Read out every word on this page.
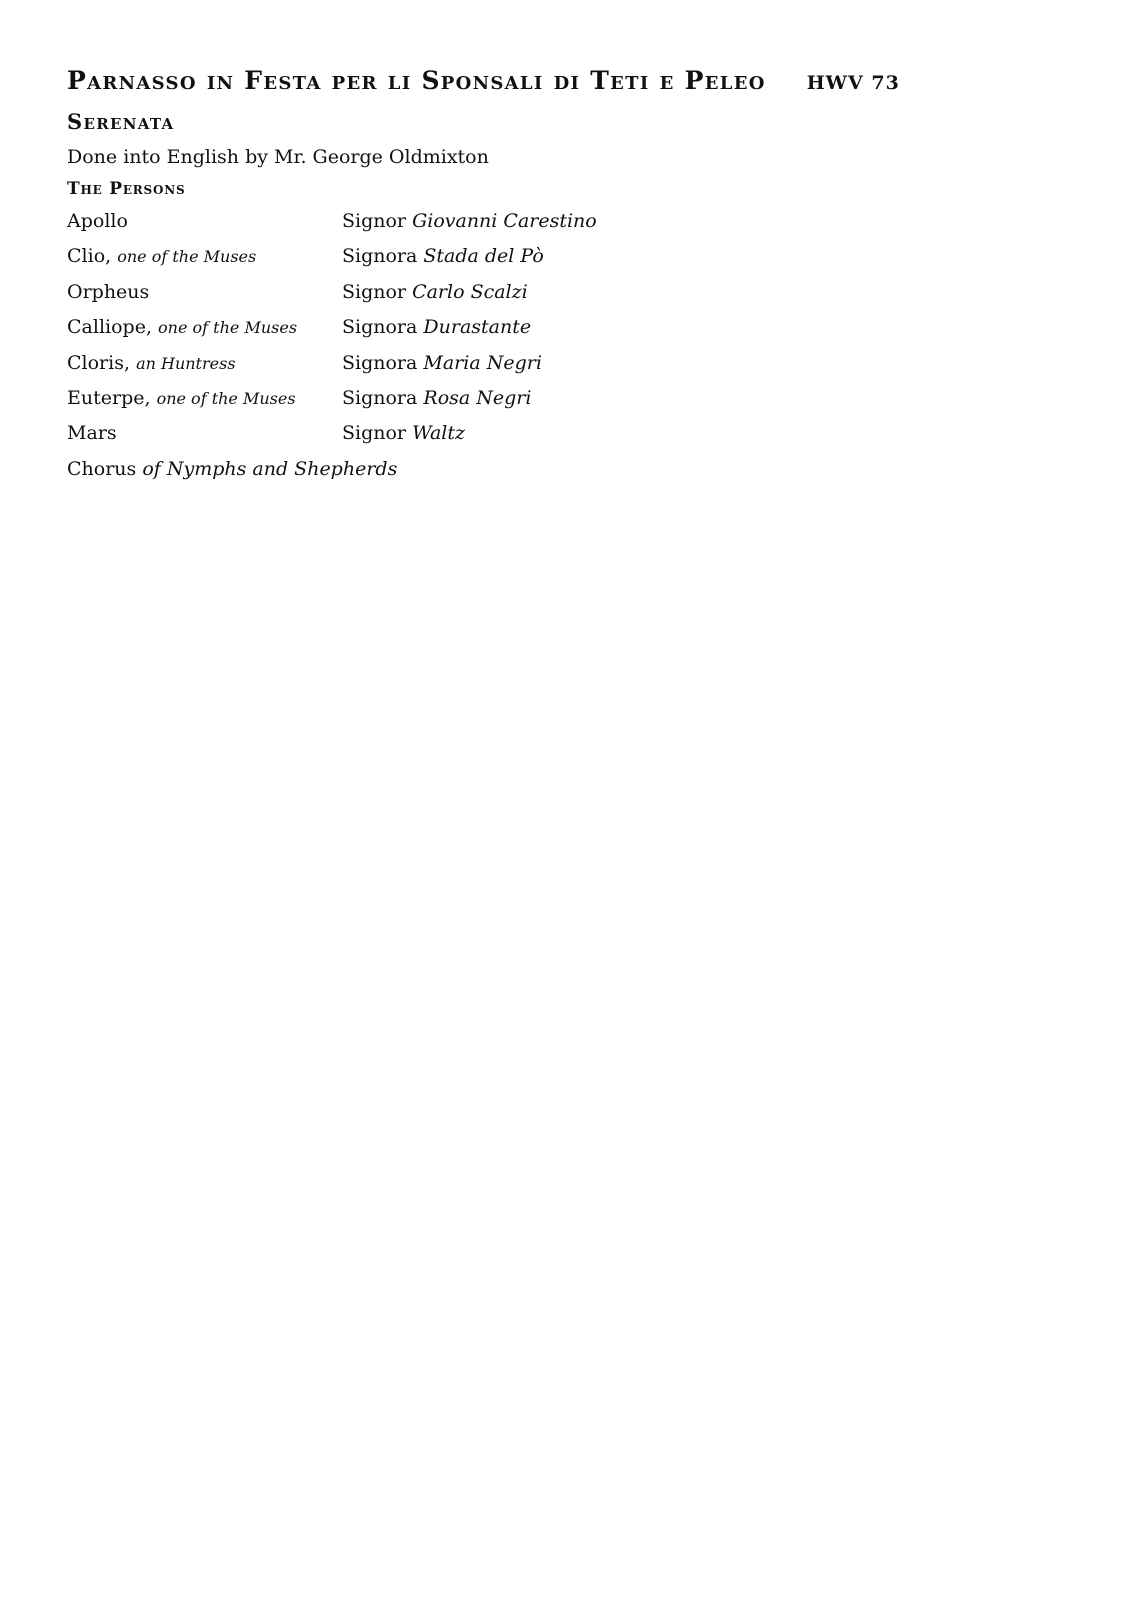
Parnasso in Festa per li Sponsali di Teti e Peleo HWV 73
Serenata
Done into English by Mr. George Oldmixton
The Persons
Apollo	Signor Giovanni Carestino
Clio, one of the Muses	Signora Stada del Pò
Orpheus	Signor Carlo Scalzi
Calliope, one of the Muses	Signora Durastante
Cloris, an Huntress	Signora Maria Negri
Euterpe, one of the Muses	Signora Rosa Negri
Mars	Signor Waltz
Chorus
of Nymphs and Shepherds
